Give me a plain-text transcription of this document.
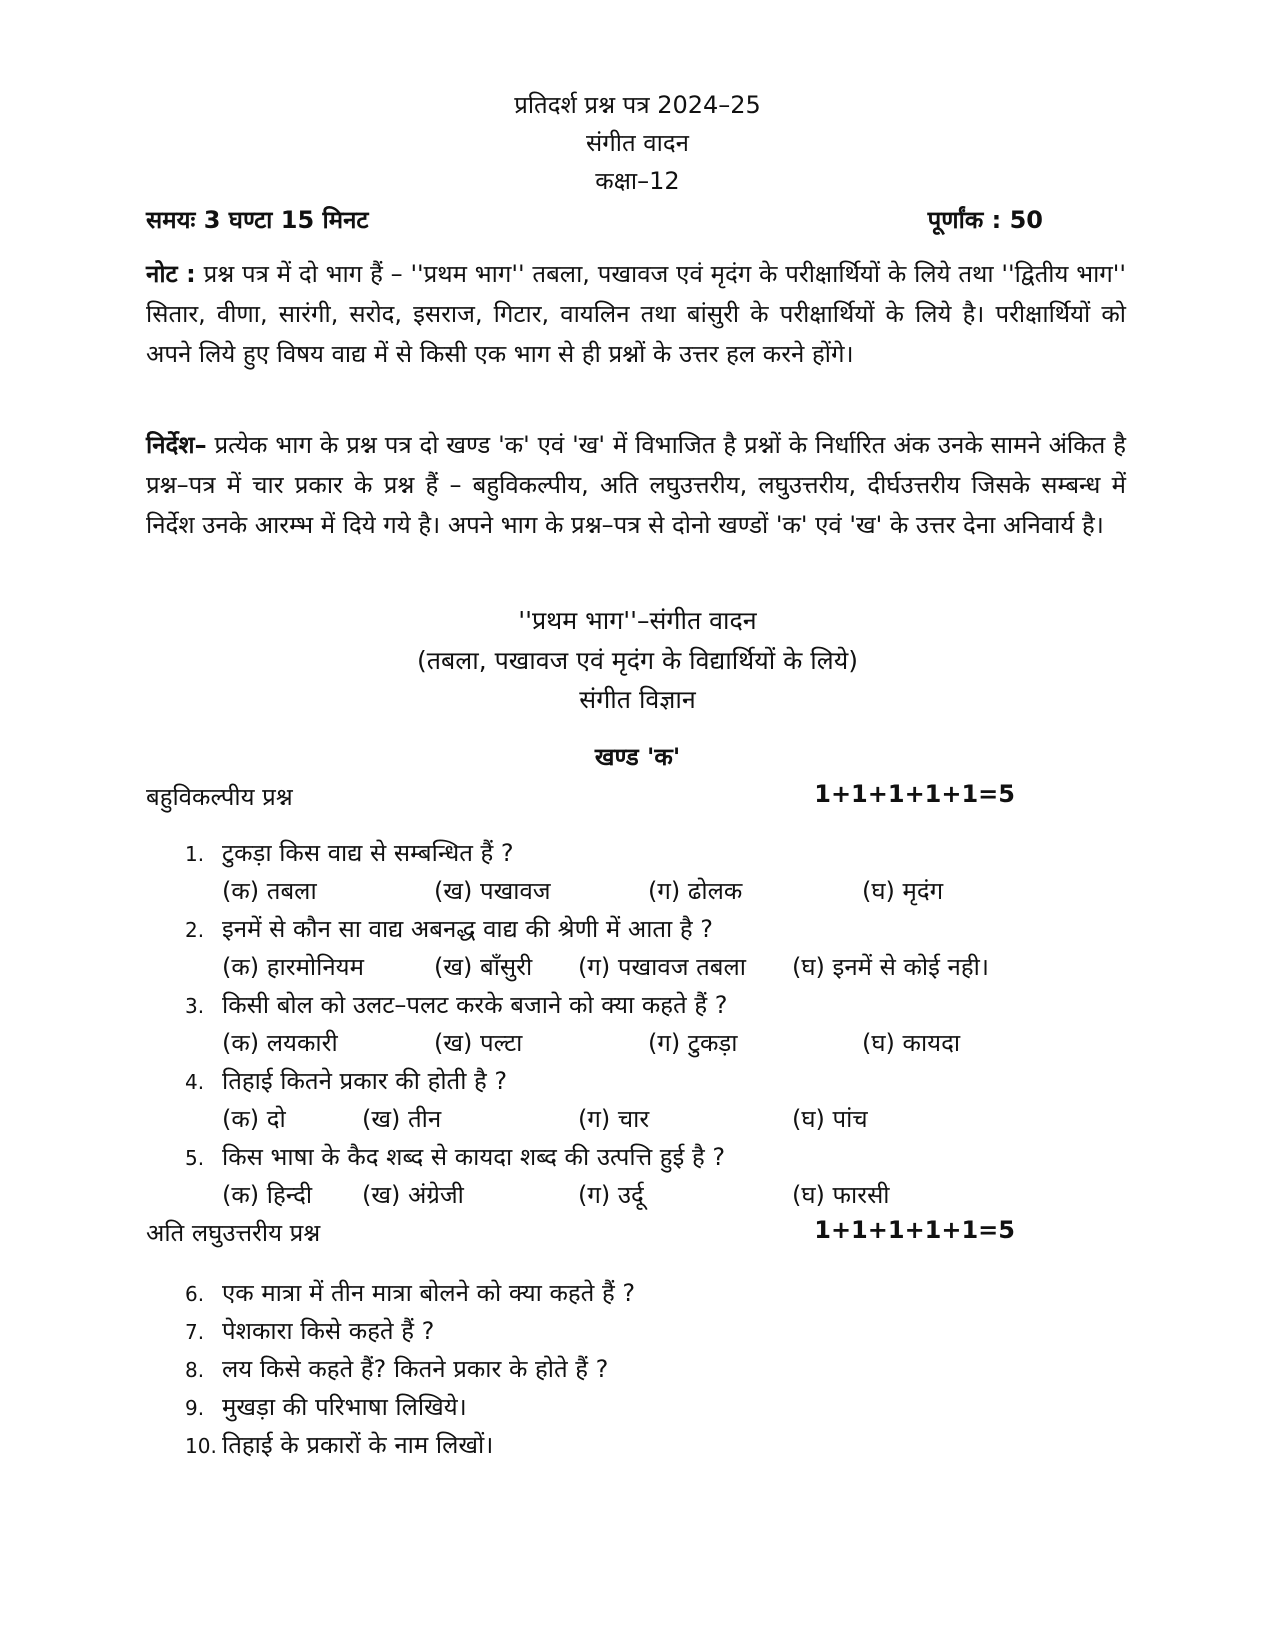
प्रतिदर्श प्रश्न पत्र 2024–25
संगीत वादन
कक्षा–12
समयः 3 घण्टा 15 मिनट	पूर्णांक : 50
नोट : प्रश्न पत्र में दो भाग हैं – ''प्रथम भाग'' तबला, पखावज एवं मृदंग के परीक्षार्थियों के लिये तथा ''द्वितीय भाग'' सितार, वीणा, सारंगी, सरोद, इसराज, गिटार, वायलिन तथा बांसुरी के परीक्षार्थियों के लिये है। परीक्षार्थियों को अपने लिये हुए विषय वाद्य में से किसी एक भाग से ही प्रश्नों के उत्तर हल करने होंगे।
निर्देश– प्रत्येक भाग के प्रश्न पत्र दो खण्ड 'क' एवं 'ख' में विभाजित है प्रश्नों के निर्धारित अंक उनके सामने अंकित है प्रश्न–पत्र में चार प्रकार के प्रश्न हैं – बहुविकल्पीय, अति लघुउत्तरीय, लघुउत्तरीय, दीर्घउत्तरीय जिसके सम्बन्ध में निर्देश उनके आरम्भ में दिये गये है। अपने भाग के प्रश्न–पत्र से दोनो खण्डों 'क' एवं 'ख' के उत्तर देना अनिवार्य है।
''प्रथम भाग''–संगीत वादन
(तबला, पखावज एवं मृदंग के विद्यार्थियों के लिये)
संगीत विज्ञान
खण्ड 'क'
बहुविकल्पीय प्रश्न	1+1+1+1+1=5
1. टुकड़ा किस वाद्य से सम्बन्धित हैं ?
(क) तबला	(ख) पखावज	(ग) ढोलक	(घ) मृदंग
2. इनमें से कौन सा वाद्य अबनद्ध वाद्य की श्रेणी में आता है ?
(क) हारमोनियम	(ख) बाँसुरी (ग) पखावज तबला (घ) इनमें से कोई नही।
3. किसी बोल को उलट–पलट करके बजाने को क्या कहते हैं ?
(क) लयकारी	(ख) पल्टा	(ग) टुकड़ा	(घ) कायदा
4. तिहाई कितने प्रकार की होती है ?
(क) दो	(ख) तीन	(ग) चार	(घ) पांच
5. किस भाषा के कैद शब्द से कायदा शब्द की उत्पत्ति हुई है ?
(क) हिन्दी (ख) अंग्रेजी	(ग) उर्दू	(घ) फारसी
अति लघुउत्तरीय प्रश्न	1+1+1+1+1=5
6. एक मात्रा में तीन मात्रा बोलने को क्या कहते हैं ?
7. पेशकारा किसे कहते हैं ?
8. लय किसे कहते हैं? कितने प्रकार के होते हैं ?
9. मुखड़ा की परिभाषा लिखिये।
10. तिहाई के प्रकारों के नाम लिखों।
